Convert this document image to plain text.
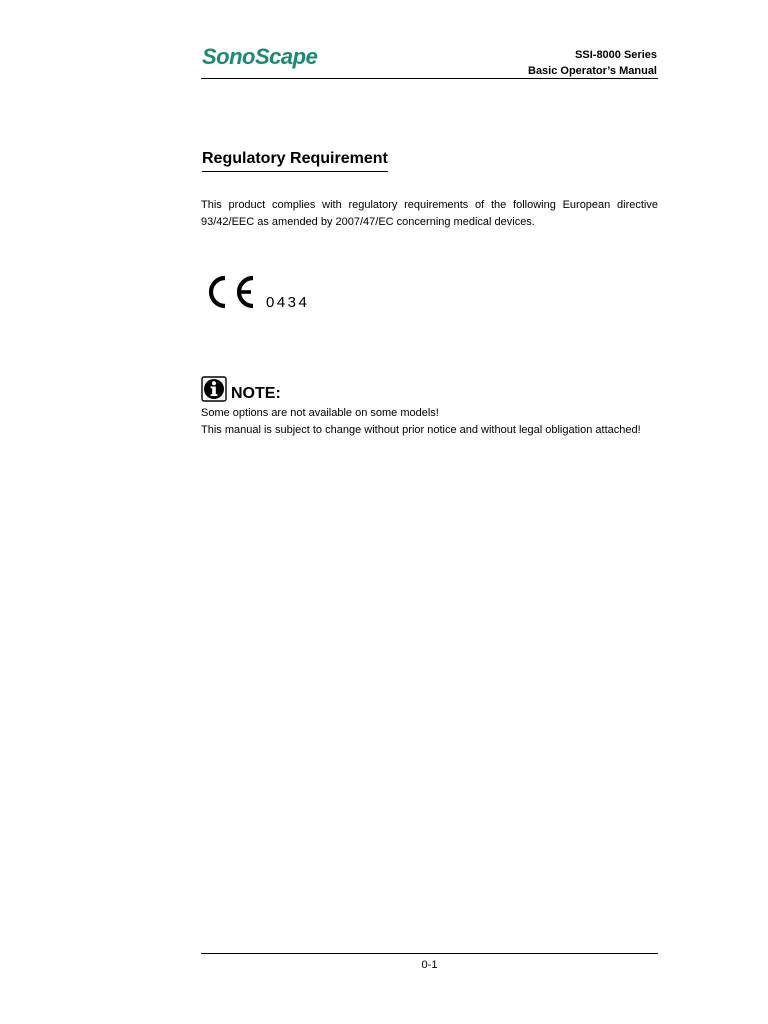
SonoScape	SSI-8000 Series
Basic Operator’s Manual
Regulatory Requirement
This product complies with regulatory requirements of the following European directive 93/42/EEC as amended by 2007/47/EC concerning medical devices.
0434
NOTE:
Some options are not available on some models!
This manual is subject to change without prior notice and without legal obligation attached!
0-1
